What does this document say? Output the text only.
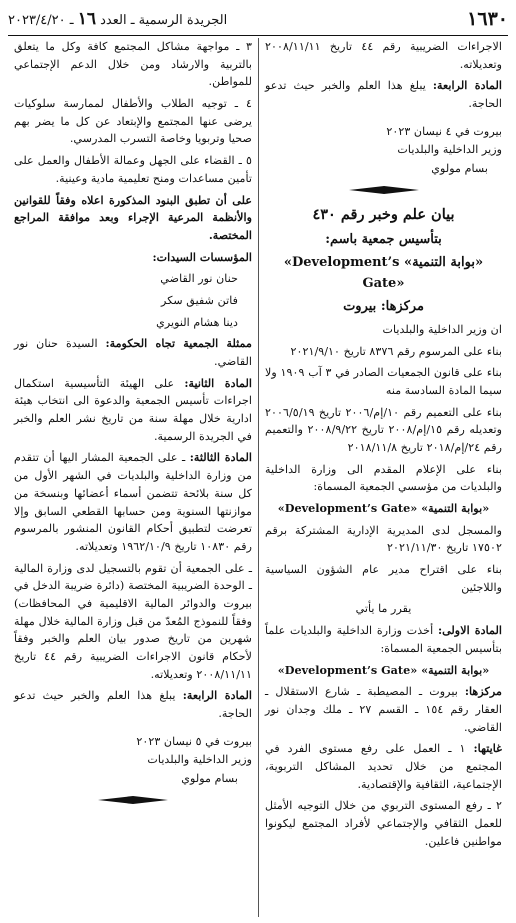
١٦٣٠
الجريدة الرسمية ـ العدد ١٦ ـ ٢٠٢٣/٤/٢٠

الاجراءات الضريبية رقم ٤٤ تاريخ ٢٠٠٨/١١/١١ وتعديلاته.

المادة الرابعة: يبلغ هذا العلم والخبر حيث تدعو الحاجة.

بيروت في ٤ نيسان ٢٠٢٣

وزير الداخلية والبلديات

بسام مولوي

بيان علم وخبر رقم ٤٣٠

بتأسيس جمعية باسم:

«بوابة التنمية» «Development’s Gate»

مركزها: بيروت

ان وزير الداخلية والبلديات

بناء على المرسوم رقم ٨٣٧٦ تاريخ ٢٠٢١/٩/١٠

بناء على قانون الجمعيات الصادر في ٣ آب ١٩٠٩ ولا سيما المادة السادسة منه

بناء على التعميم رقم ١٠/إم/٢٠٠٦ تاريخ ٢٠٠٦/٥/١٩ وتعديله رقم ١٥/إم/٢٠٠٨ تاريخ ٢٠٠٨/٩/٢٢ والتعميم رقم ٢٤/إم/٢٠١٨ تاريخ ٢٠١٨/١١/٨

بناء على الإعلام المقدم الى وزارة الداخلية والبلديات من مؤسسي الجمعية المسماة:

«بوابة التنمية» «Development’s Gate»

والمسجل لدى المديرية الإدارية المشتركة برقم ١٧٥٠٢ تاريخ ٢٠٢١/١١/٣٠

بناء على اقتراح مدير عام الشؤون السياسية واللاجئين

يقرر ما يأتي

المادة الاولى: أخذت وزارة الداخلية والبلديات علماً بتأسيس الجمعية المسماة:

«بوابة التنمية» «Development’s Gate»

مركزها: بيروت ـ المصيطبة ـ شارع الاستقلال ـ العقار رقم ١٥٤ ـ القسم ٢٧ ـ ملك وجدان نور القاضي.

غايتها: ١ ـ العمل على رفع مستوى الفرد في المجتمع من خلال تحديد المشاكل التربوية، الإجتماعية، الثقافية والإقتصادية.

٢ ـ رفع المستوى التربوي من خلال التوجيه الأمثل للعمل الثقافي والإجتماعي لأفراد المجتمع ليكونوا مواطنين فاعلين.

٣ ـ مواجهة مشاكل المجتمع كافة وكل ما يتعلق بالتربية والارشاد ومن خلال الدعم الإجتماعي للمواطن.

٤ ـ توجيه الطلاب والأطفال لممارسة سلوكيات يرضى عنها المجتمع والإبتعاد عن كل ما يضر بهم صحيا وتربويا وخاصة التسرب المدرسي.

٥ ـ القضاء على الجهل وعمالة الأطفال والعمل على تأمين مساعدات ومنح تعليمية مادية وعينية.

على أن تطبق البنود المذكورة اعلاه وفقاً للقوانين والأنظمة المرعية الإجراء وبعد موافقة المراجع المختصة.

المؤسسات السيدات:

حنان نور القاضي

فاتن شفيق سكر

دينا هشام النويري

ممثلة الجمعية تجاه الحكومة: السيدة حنان نور القاضي.

المادة الثانية: على الهيئة التأسيسية استكمال اجراءات تأسيس الجمعية والدعوة الى انتخاب هيئة ادارية خلال مهلة سنة من تاريخ نشر العلم والخبر في الجريدة الرسمية.

المادة الثالثة: ـ على الجمعية المشار اليها أن تتقدم من وزارة الداخلية والبلديات في الشهر الأول من كل سنة بلائحة تتضمن أسماء أعضائها وبنسخة من موازنتها السنوية ومن حسابها القطعي السابق وإلا تعرضت لتطبيق أحكام القانون المنشور بالمرسوم رقم ١٠٨٣٠ تاريخ ١٩٦٢/١٠/٩ وتعديلاته.

ـ على الجمعية أن تقوم بالتسجيل لدى وزارة المالية ـ الوحدة الضريبية المختصة (دائرة ضريبة الدخل في بيروت والدوائر المالية الاقليمية في المحافظات) وفقاً للنموذج المُعدّ من قبل وزارة المالية خلال مهلة شهرين من تاريخ صدور بيان العلم والخبر وفقاً لأحكام قانون الاجراءات الضريبية رقم ٤٤ تاريخ ٢٠٠٨/١١/١١ وتعديلاته.

المادة الرابعة: يبلغ هذا العلم والخبر حيث تدعو الحاجة.

بيروت في ٥ نيسان ٢٠٢٣

وزير الداخلية والبلديات

بسام مولوي
